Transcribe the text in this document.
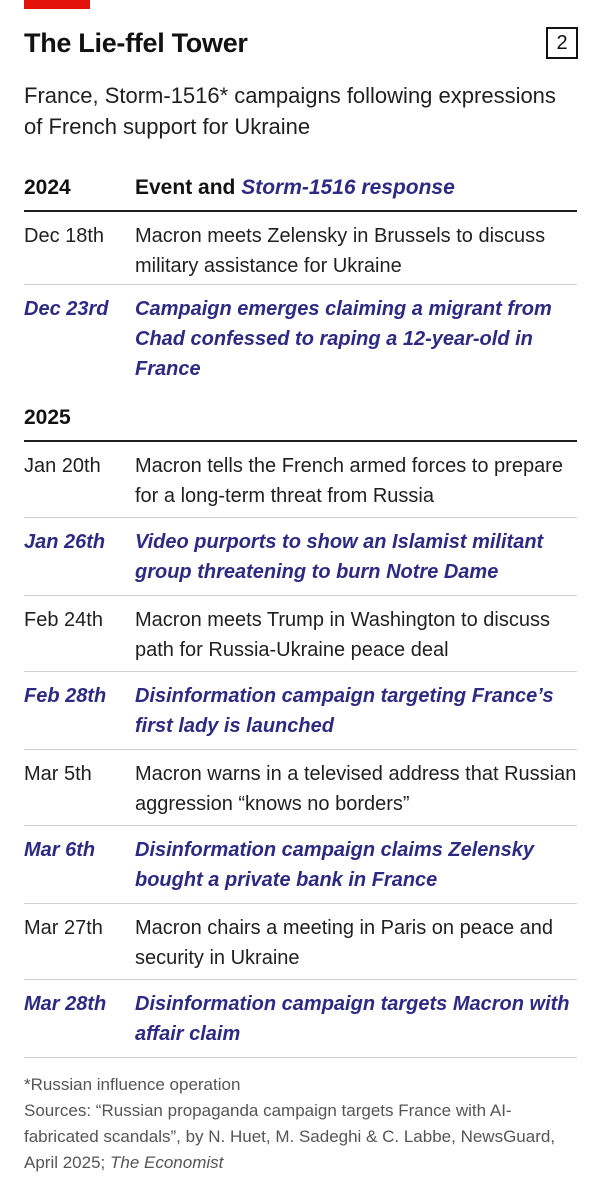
The Lie-ffel Tower	2
France, Storm-1516* campaigns following expressions of French support for Ukraine
2024	Event and Storm-1516 response
Dec 18th Macron meets Zelensky in Brussels to discuss military assistance for Ukraine
Dec 23rd Campaign emerges claiming a migrant from Chad confessed to raping a 12-year-old in France
2025
Jan 20th Macron tells the French armed forces to prepare for a long-term threat from Russia
Jan 26th Video purports to show an Islamist militant group threatening to burn Notre Dame
Feb 24th Macron meets Trump in Washington to discuss path for Russia-Ukraine peace deal
Feb 28th Disinformation campaign targeting France’s first lady is launched
Mar 5th Macron warns in a televised address that Russian aggression “knows no borders”
Mar 6th Disinformation campaign claims Zelensky bought a private bank in France
Mar 27th Macron chairs a meeting in Paris on peace and security in Ukraine
Mar 28th Disinformation campaign targets Macron with affair claim
*Russian influence operation
Sources: “Russian propaganda campaign targets France with AI-fabricated scandals”, by N. Huet, M. Sadeghi & C. Labbe, NewsGuard, April 2025; The Economist
